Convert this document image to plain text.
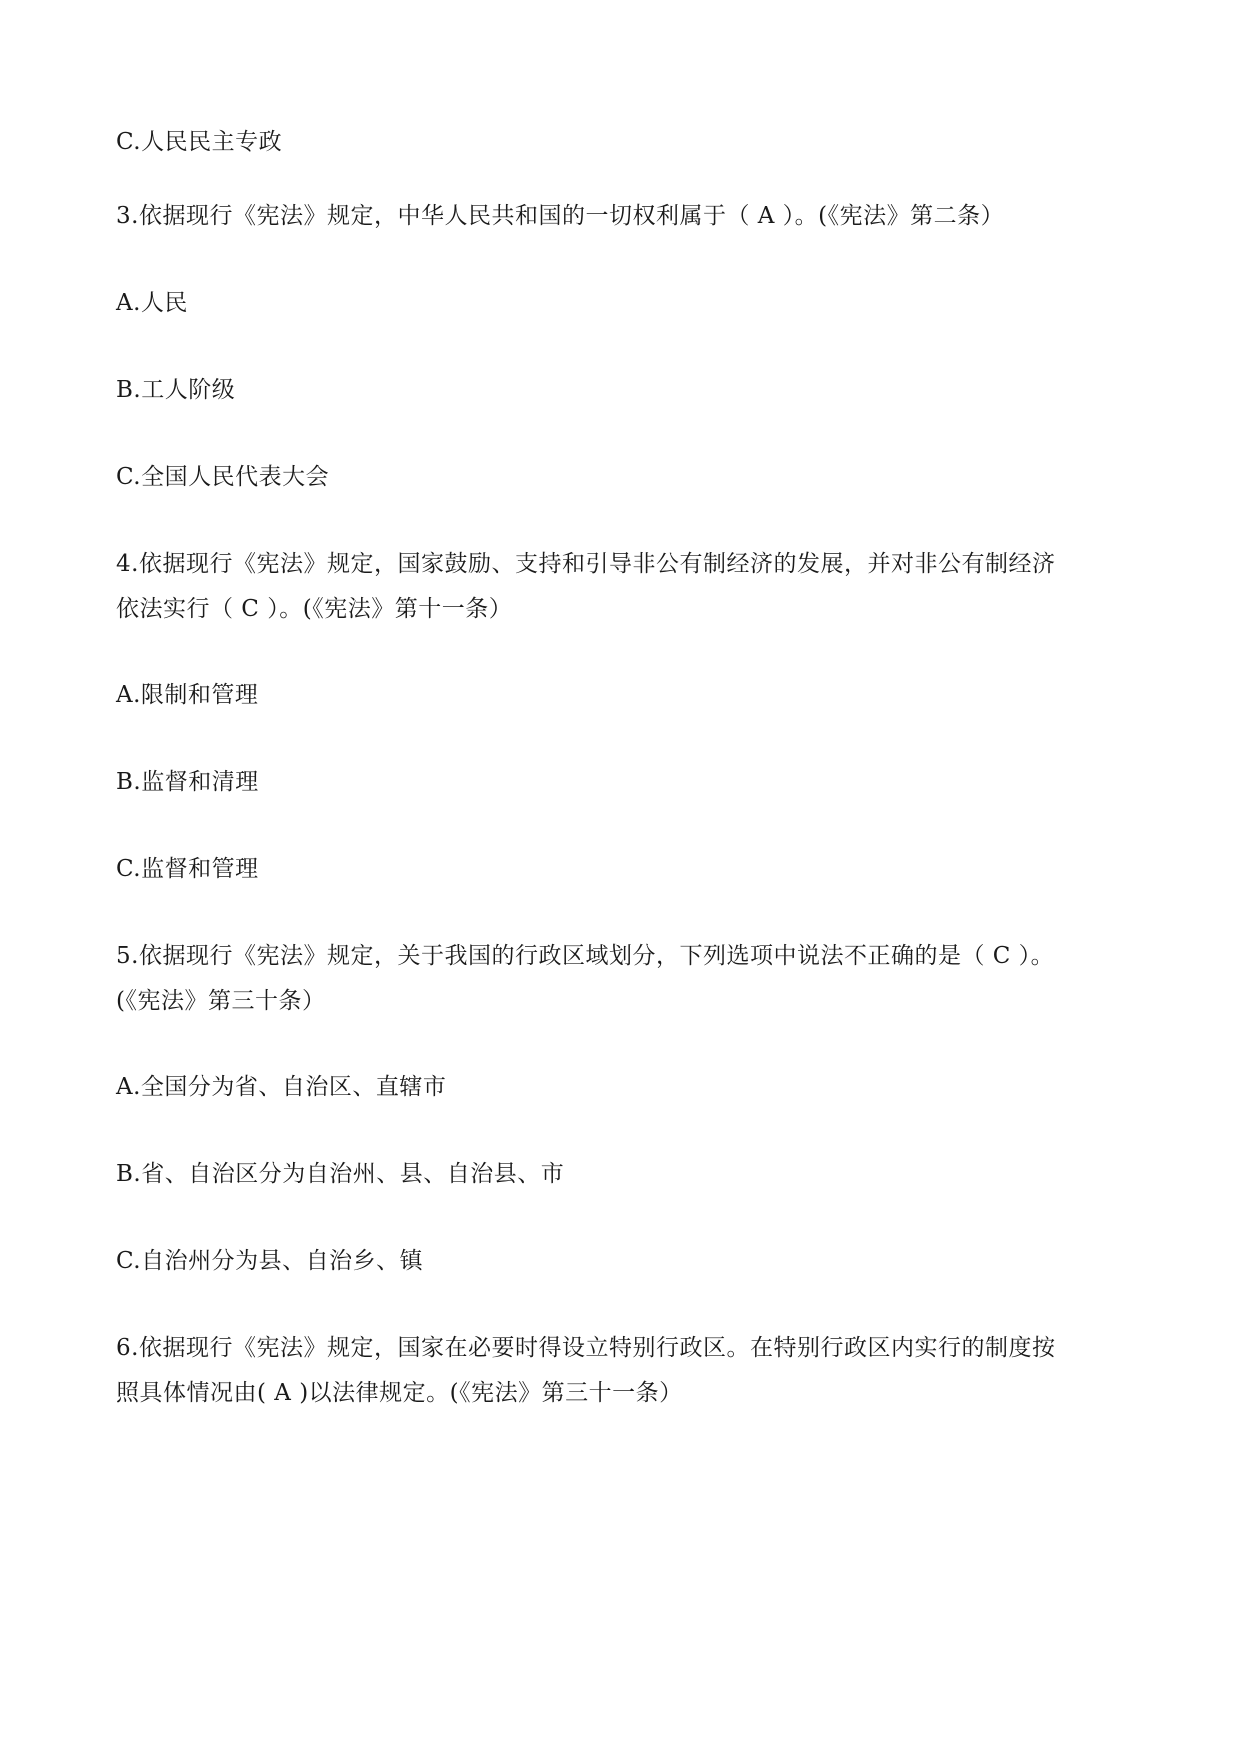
C.人民民主专政
3.依据现行《宪法》规定，中华人民共和国的一切权利属于（ A ）。(《宪法》第二条）
A.人民
B.工人阶级
C.全国人民代表大会
4.依据现行《宪法》规定，国家鼓励、支持和引导非公有制经济的发展，并对非公有制经济
依法实行（ C ）。(《宪法》第十一条）
A.限制和管理
B.监督和清理
C.监督和管理
5.依据现行《宪法》规定，关于我国的行政区域划分，下列选项中说法不正确的是（ C ）。
(《宪法》第三十条）
A.全国分为省、自治区、直辖市
B.省、自治区分为自治州、县、自治县、市
C.自治州分为县、自治乡、镇
6.依据现行《宪法》规定，国家在必要时得设立特别行政区。在特别行政区内实行的制度按
照具体情况由( A )以法律规定。(《宪法》第三十一条）
